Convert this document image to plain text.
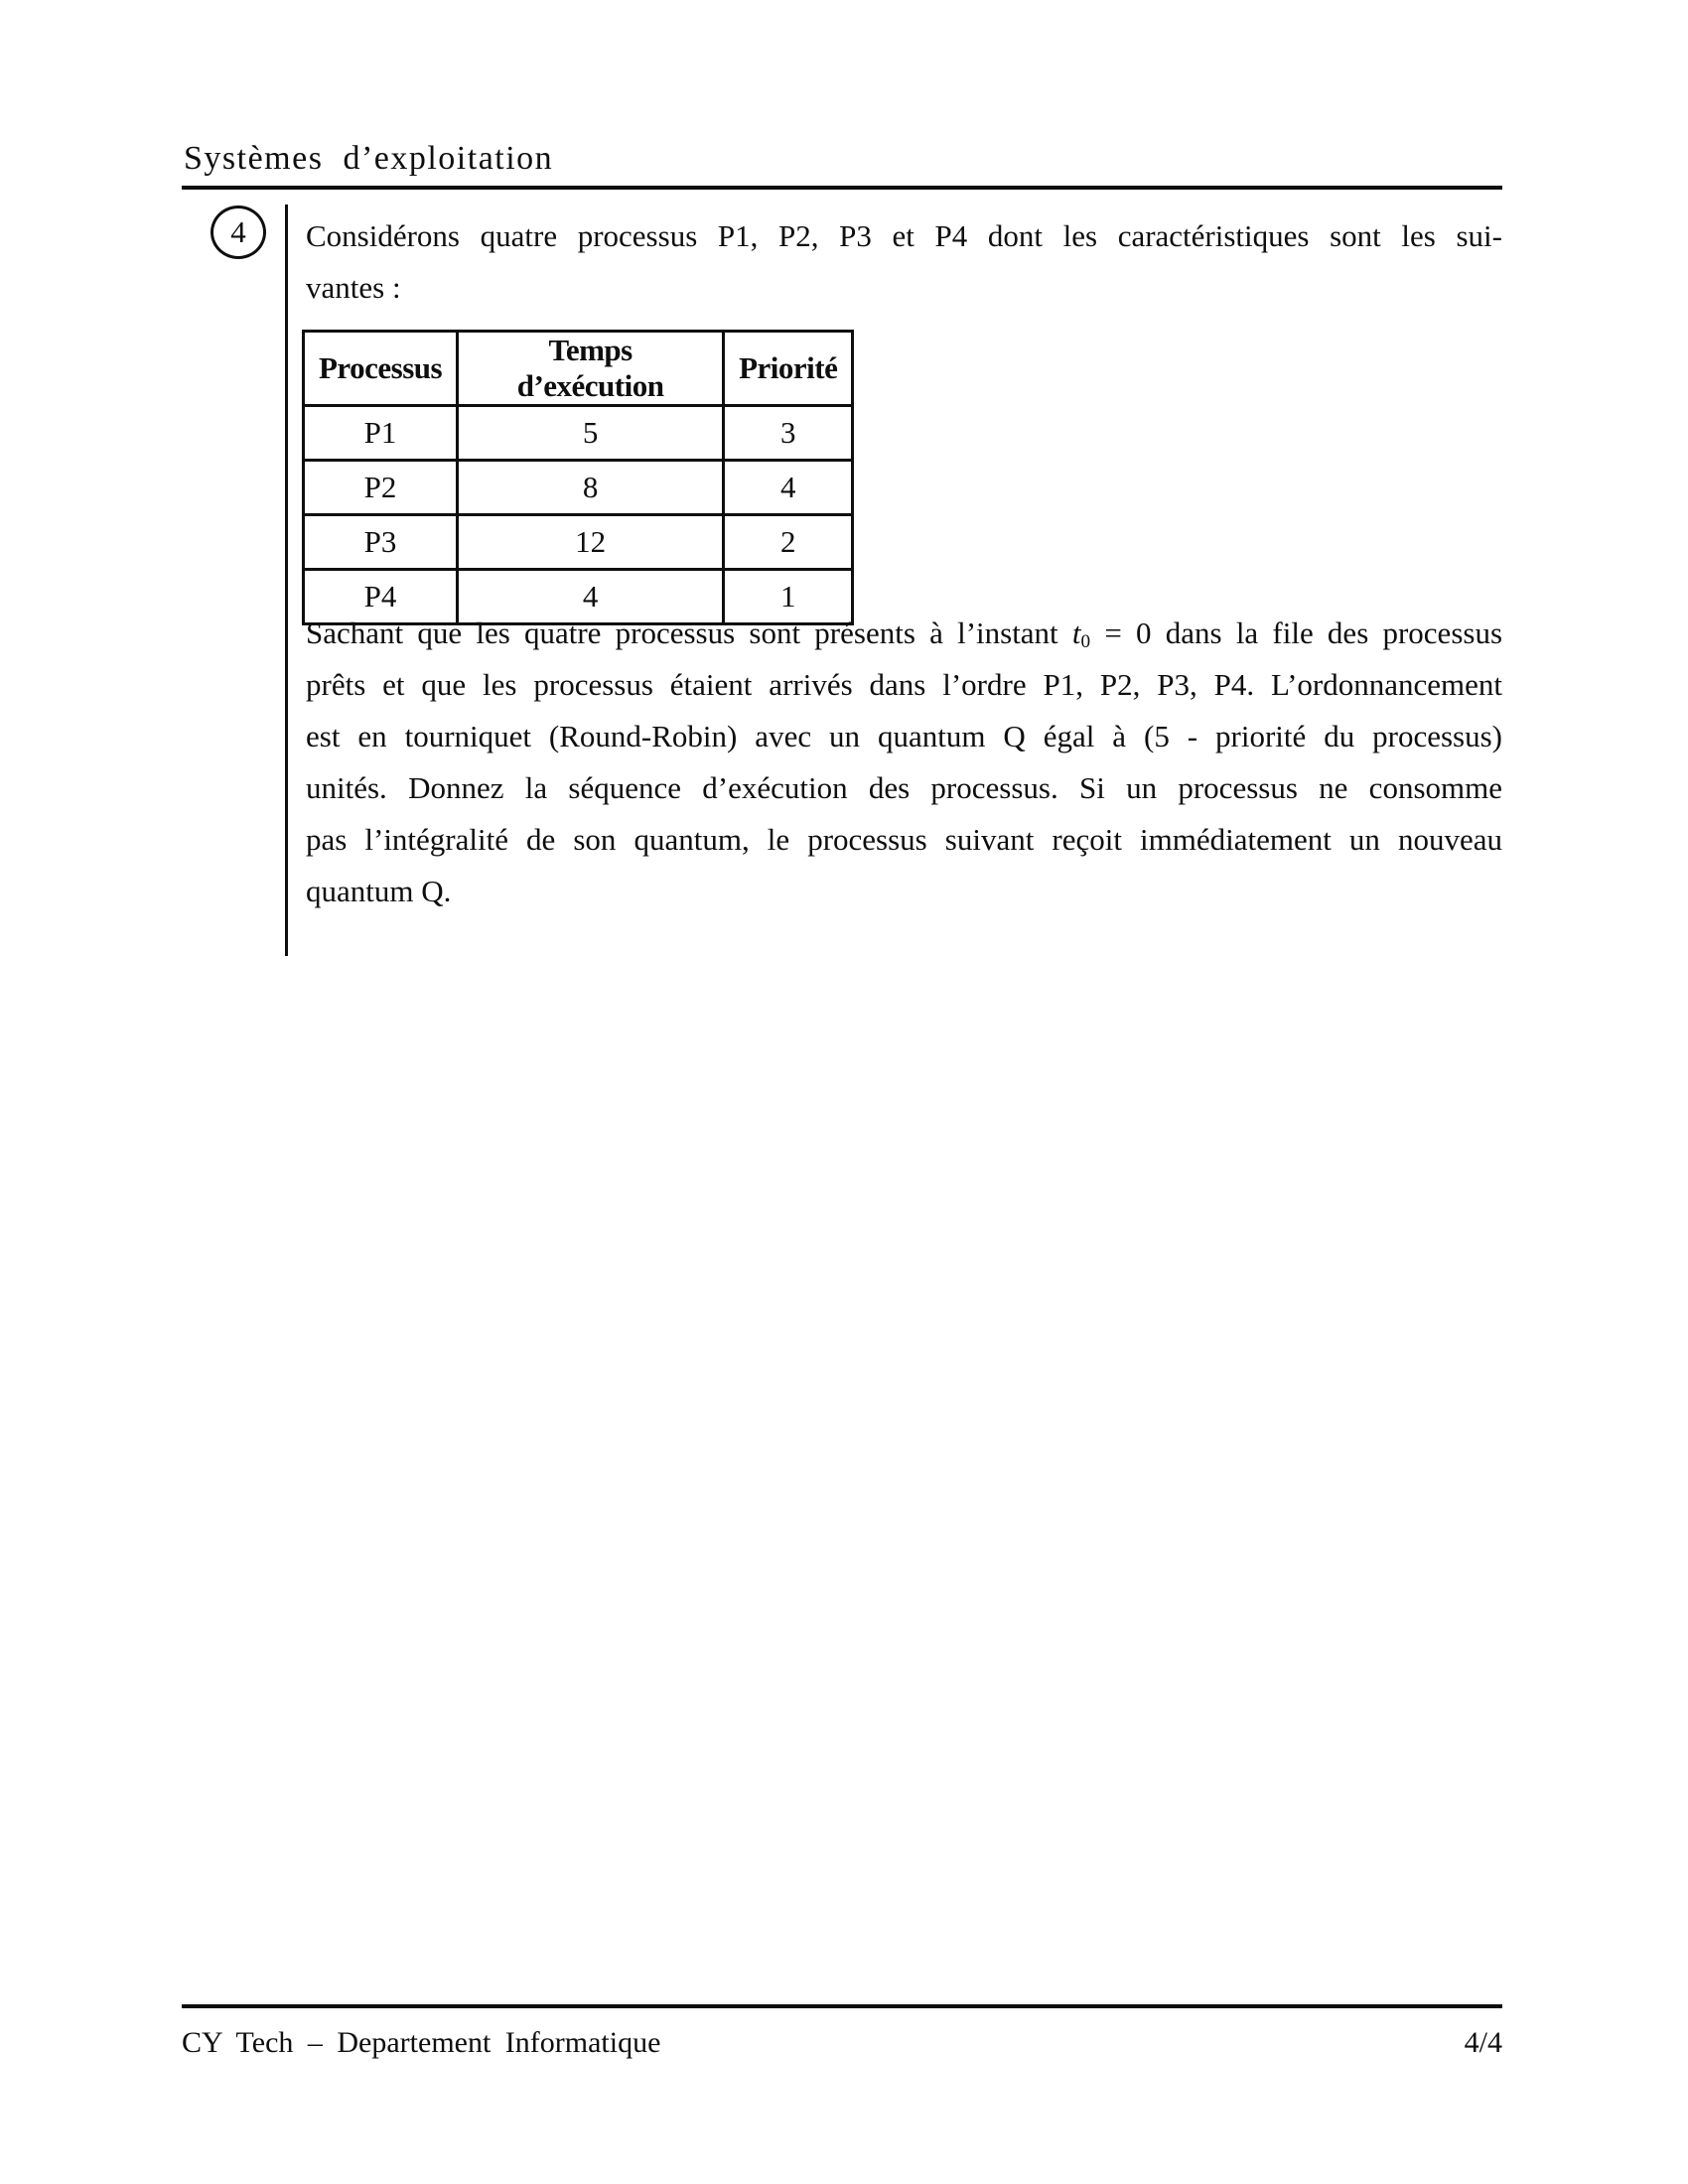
Systèmes d’exploitation
4 Considérons quatre processus P1, P2, P3 et P4 dont les caractéristiques sont les sui-
vantes :
Processus	Temps d’exécution	Priorité
P1	5	3
P2	8	4
P3	12	2
P4	4	1
Sachant que les quatre processus sont présents à l’instant $t_0 = 0$ dans la file des processus
prêts et que les processus étaient arrivés dans l’ordre P1, P2, P3, P4. L’ordonnancement
est en tourniquet (Round-Robin) avec un quantum Q égal à (5 - priorité du processus)
unités. Donnez la séquence d’exécution des processus. Si un processus ne consomme
pas l’intégralité de son quantum, le processus suivant reçoit immédiatement un nouveau
quantum Q.
CY Tech – Departement Informatique	4/4
